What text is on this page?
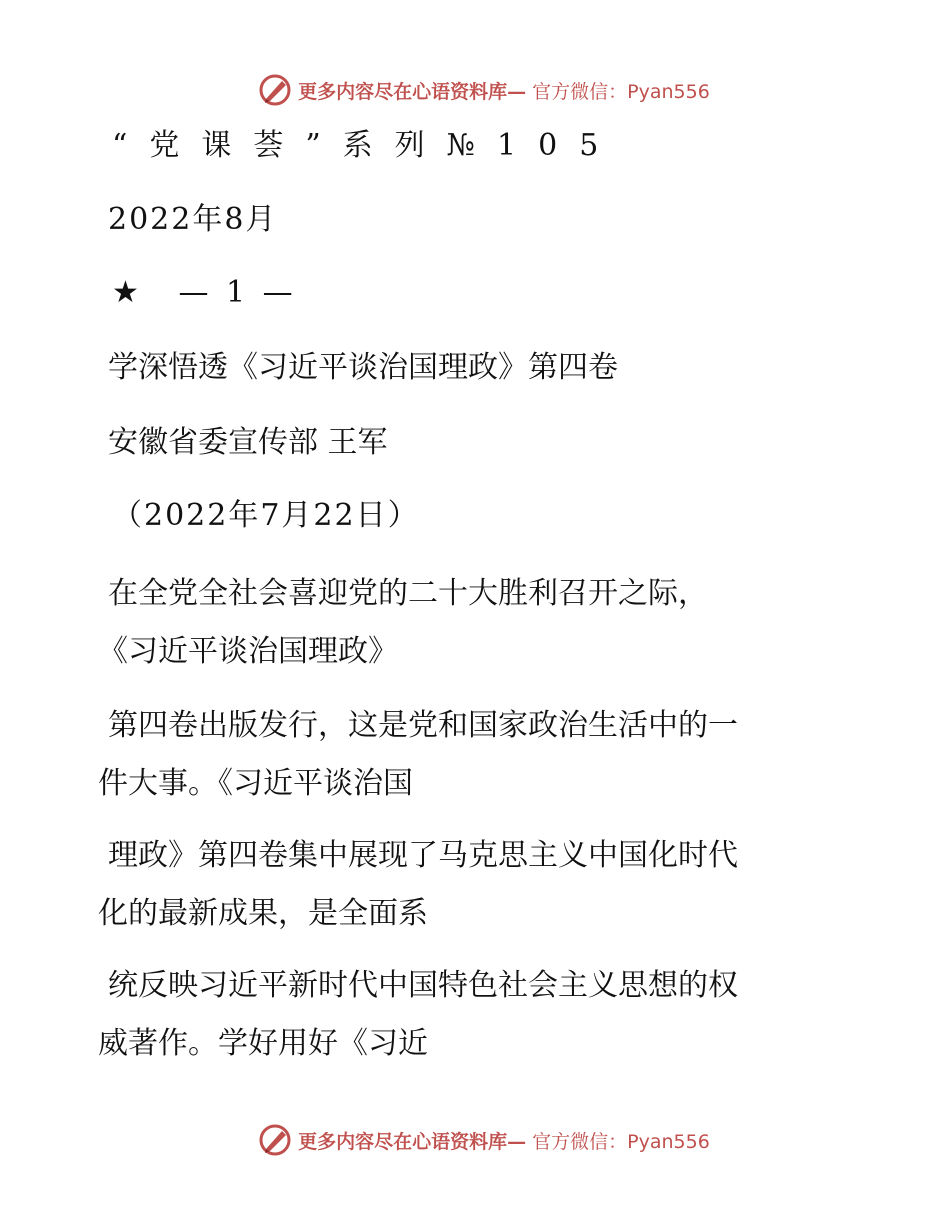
更多内容尽在心语资料库— 官方微信：Pyan556
“党课荟”系列№105
2022年8月
★ — 1 —
学深悟透《习近平谈治国理政》第四卷
安徽省委宣传部 王军
（2022年7月22日）
在全党全社会喜迎党的二十大胜利召开之际，
《习近平谈治国理政》
第四卷出版发行，这是党和国家政治生活中的一
件大事。《习近平谈治国
理政》第四卷集中展现了马克思主义中国化时代
化的最新成果，是全面系
统反映习近平新时代中国特色社会主义思想的权
威著作。学好用好《习近
更多内容尽在心语资料库— 官方微信：Pyan556
